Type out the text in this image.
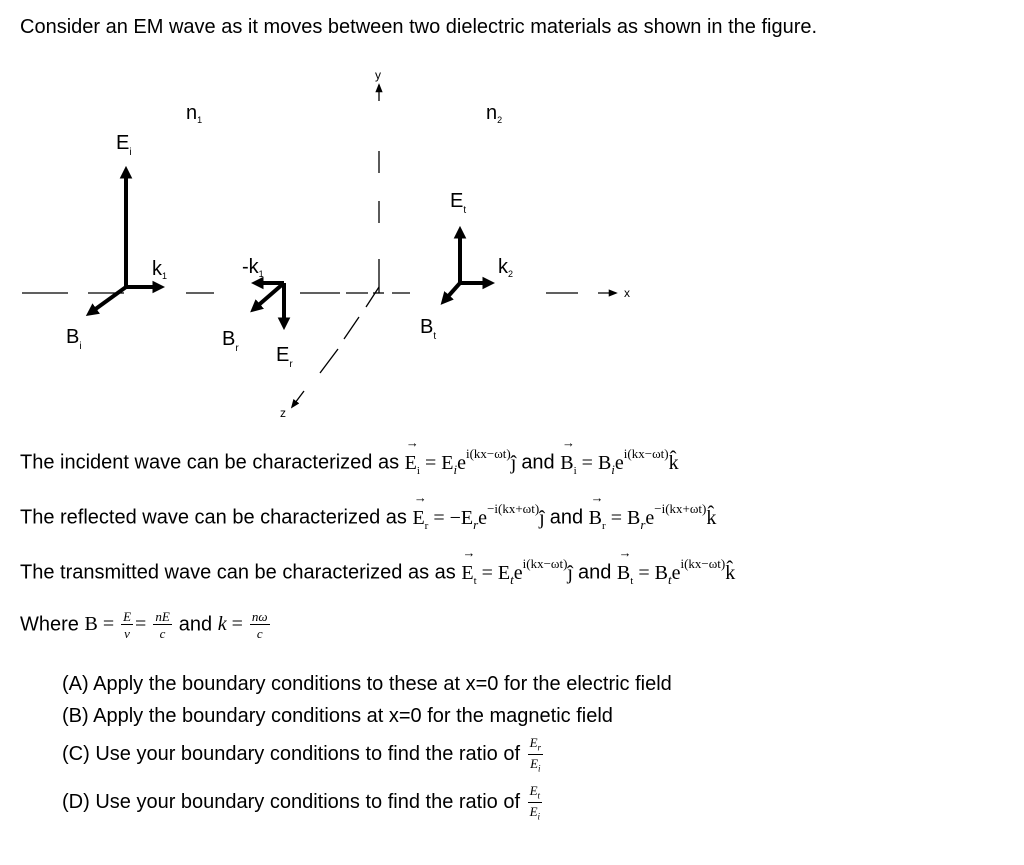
Consider an EM wave as it moves between two dielectric materials as shown in the figure.
x
y
z
$n_1$	$n_2$
$E_i$
$k_1$
$B_i$
$-k_1$
$B_r$ $E_r$
$E_t$
$k_2$
$B_t$
The incident wave can be characterized as → $E_i$ = $E_ie^{i(kx-\omega t)}ĵ$ and → $B_i$ = $B_ie^{i(kx-\omega t)}k̂$
The reflected wave can be characterized as → $E_r$ = $-E_re^{-i(kx+\omega t)}ĵ$ and → $B_r$ = $B_re^{-i(kx+\omega t)}k̂$
The transmitted wave can be characterized as as → $E_t$ = $E_te^{i(kx-\omega t)}ĵ$ and → $B_t$ = $B_te^{i(kx-\omega t)}k̂$
Where $B = \frac{E}{v} = \frac{nE}{c}$ and $k = \frac{n\omega}{c}$
(A) Apply the boundary conditions to these at x=0 for the electric field
(B) Apply the boundary conditions at x=0 for the magnetic field
(C) Use your boundary conditions to find the ratio of $\frac{E_r}{E_i}$
(D) Use your boundary conditions to find the ratio of $\frac{E_t}{E_i}$
